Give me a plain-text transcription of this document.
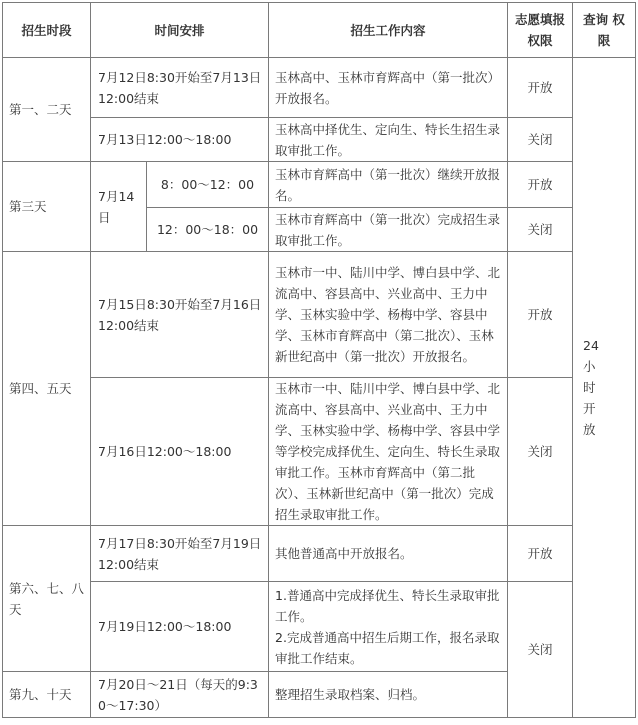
招生时段	时间安排		招生工作内容	志愿填报权限	查询 权限
第一、二天	7月12日8:30开始至7月13日12:00结束		玉林高中、玉林市育辉高中（第一批次）开放报名。	开放	24小时开放
	7月13日12:00～18:00		玉林高中择优生、定向生、特长生招生录取审批工作。	关闭	
第三天	7月14日	8：00～12：00	玉林市育辉高中（第一批次）继续开放报名。	开放	
		12：00～18：00	玉林市育辉高中（第一批次）完成招生录取审批工作。	关闭	
第四、五天	7月15日8:30开始至7月16日12:00结束		玉林市一中、陆川中学、博白县中学、北流高中、容县高中、兴业高中、王力中学、玉林实验中学、杨梅中学、容县中学、玉林市育辉高中（第二批次）、玉林新世纪高中（第一批次）开放报名。	开放	
	7月16日12:00～18:00		玉林市一中、陆川中学、博白县中学、北流高中、容县高中、兴业高中、王力中学、玉林实验中学、杨梅中学、容县中学等学校完成择优生、定向生、特长生录取审批工作。玉林市育辉高中（第二批次）、玉林新世纪高中（第一批次）完成招生录取审批工作。	关闭	
第六、七、八天	7月17日8:30开始至7月19日12:00结束		其他普通高中开放报名。	开放	
	7月19日12:00～18:00		1.普通高中完成择优生、特长生录取审批工作。
2.完成普通高中招生后期工作，报名录取审批工作结束。	关闭	
第九、十天	7月20日～21日（每天的9:30～17:30）		整理招生录取档案、归档。		
